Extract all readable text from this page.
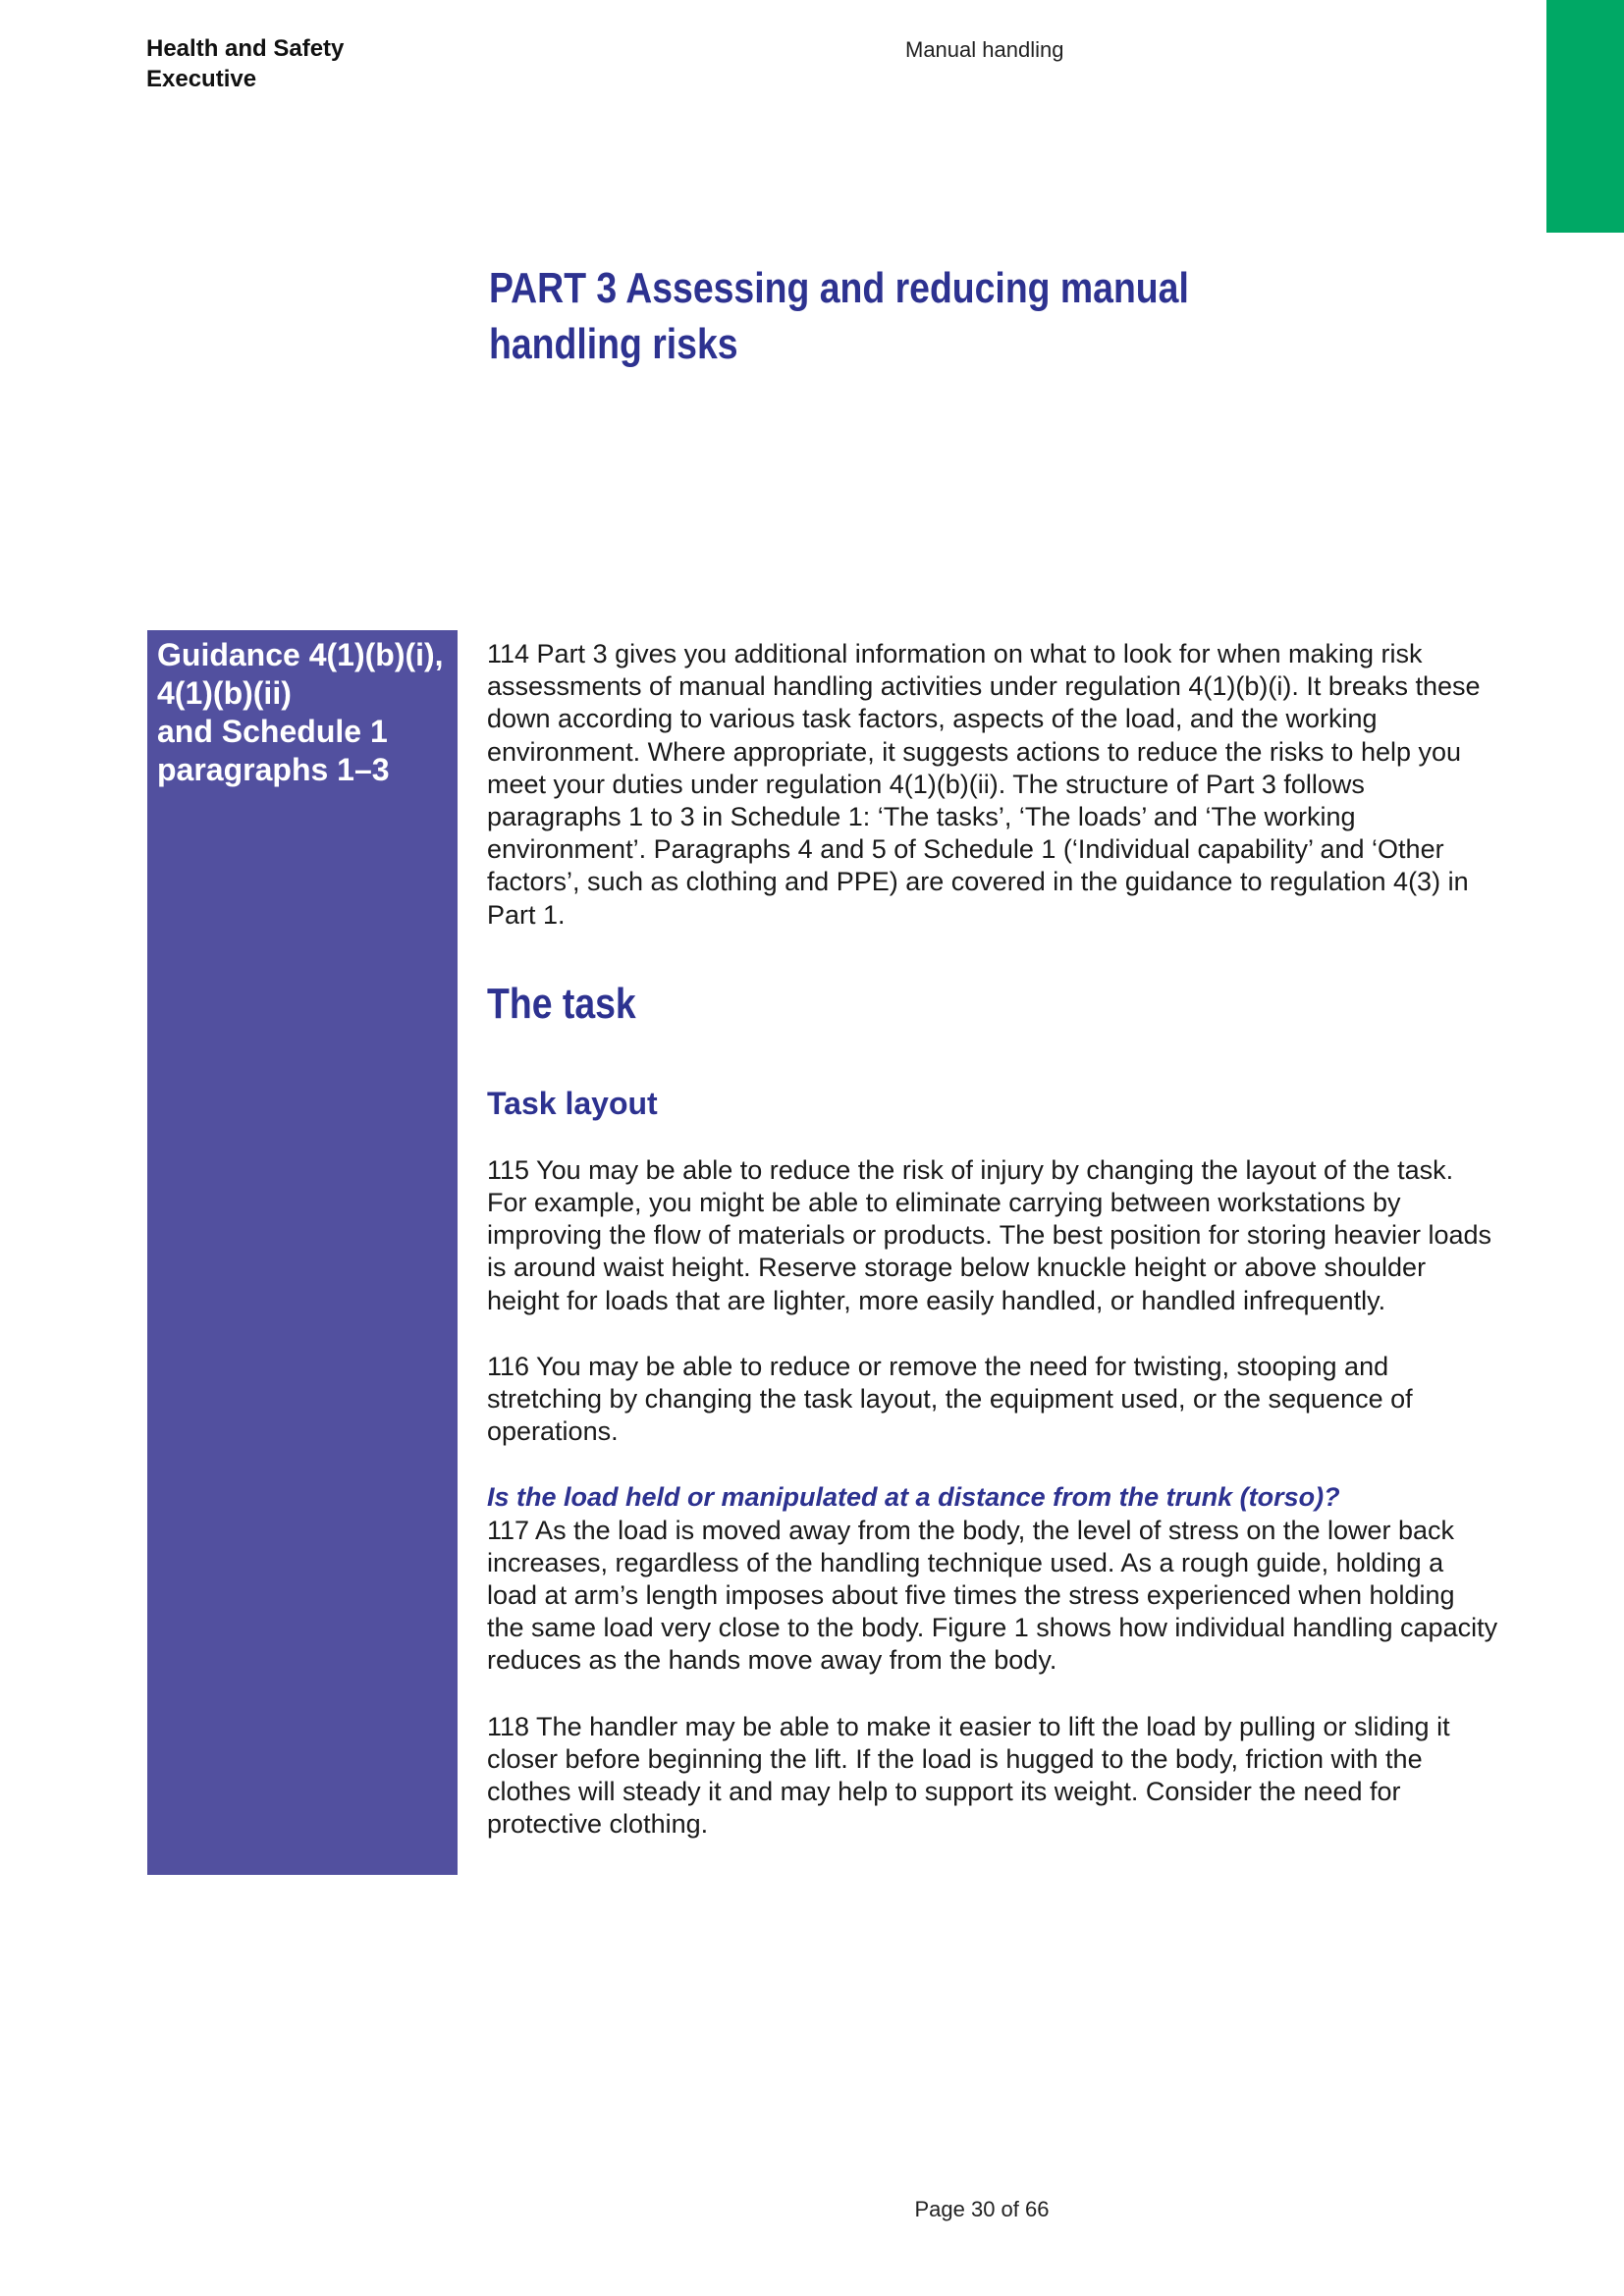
Health and Safety
Executive
Manual handling
PART 3 Assessing and reducing manual handling risks
Guidance 4(1)(b)(i),
4(1)(b)(ii)
and Schedule 1
paragraphs 1–3

114 Part 3 gives you additional information on what to look for when making risk assessments of manual handling activities under regulation 4(1)(b)(i). It breaks these down according to various task factors, aspects of the load, and the working environment. Where appropriate, it suggests actions to reduce the risks to help you meet your duties under regulation 4(1)(b)(ii). The structure of Part 3 follows paragraphs 1 to 3 in Schedule 1: ‘The tasks’, ‘The loads’ and ‘The working environment’. Paragraphs 4 and 5 of Schedule 1 (‘Individual capability’ and ‘Other factors’, such as clothing and PPE) are covered in the guidance to regulation 4(3) in Part 1.

The task
Task layout

115 You may be able to reduce the risk of injury by changing the layout of the task. For example, you might be able to eliminate carrying between workstations by improving the flow of materials or products. The best position for storing heavier loads is around waist height. Reserve storage below knuckle height or above shoulder height for loads that are lighter, more easily handled, or handled infrequently.

116 You may be able to reduce or remove the need for twisting, stooping and stretching by changing the task layout, the equipment used, or the sequence of operations.

Is the load held or manipulated at a distance from the trunk (torso)?

117 As the load is moved away from the body, the level of stress on the lower back increases, regardless of the handling technique used. As a rough guide, holding a load at arm’s length imposes about five times the stress experienced when holding the same load very close to the body. Figure 1 shows how individual handling capacity reduces as the hands move away from the body.

118 The handler may be able to make it easier to lift the load by pulling or sliding it closer before beginning the lift. If the load is hugged to the body, friction with the clothes will steady it and may help to support its weight. Consider the need for protective clothing.

Page 30 of 66
